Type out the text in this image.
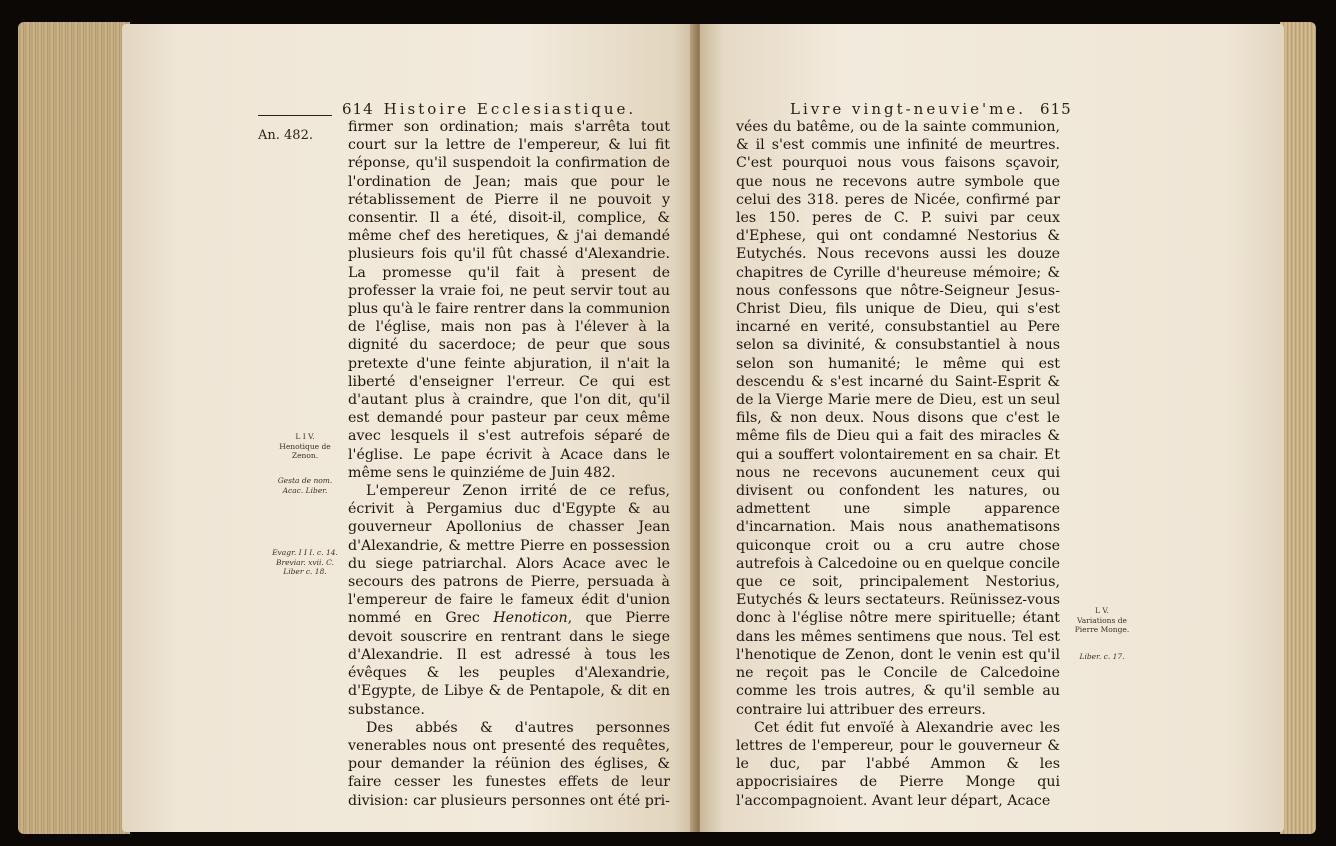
614 Histoire Ecclesiastique.
An. 482.

firmer son ordination; mais s'arrêta tout court sur la lettre de l'empereur, & lui fit réponse, qu'il suspendoit la confirmation de l'ordination de Jean; mais que pour le rétablissement de Pierre il ne pouvoit y consentir. Il a été, disoit-il, complice, & même chef des heretiques, & j'ai demandé plusieurs fois qu'il fût chassé d'Alexandrie. La promesse qu'il fait à present de professer la vraie foi, ne peut servir tout au plus qu'à le faire rentrer dans la communion de l'église, mais non pas à l'élever à la dignité du sacerdoce; de peur que sous pretexte d'une feinte abjuration, il n'ait la liberté d'enseigner l'erreur. Ce qui est d'autant plus à craindre, que l'on dit, qu'il est demandé pour pasteur par ceux même avec lesquels il s'est autrefois séparé de l'église. Le pape écrivit à Acace dans le même sens le quinziéme de Juin 482.

L'empereur Zenon irrité de ce refus, écrivit à Pergamius duc d'Egypte & au gouverneur Apollonius de chasser Jean d'Alexandrie, & mettre Pierre en possession du siege patriarchal. Alors Acace avec le secours des patrons de Pierre, persuada à l'empereur de faire le fameux édit d'union nommé en Grec Henoticon, que Pierre devoit souscrire en rentrant dans le siege d'Alexandrie. Il est adressé à tous les évêques & les peuples d'Alexandrie, d'Egypte, de Libye & de Pentapole, & dit en substance.

Des abbés & d'autres personnes venerables nous ont presenté des requêtes, pour demander la réünion des églises, & faire cesser les funestes effets de leur division: car plusieurs personnes ont été pri-

L I V.
Henotique de
Zenon.
Gesta de nom.
Acac. Liber.
Evagr. I I I. c. 14.
Breviar. xvii. C.
Liber c. 18.
Livre vingt-neuvie'me. 615

vées du batême, ou de la sainte communion, & il s'est commis une infinité de meurtres. C'est pourquoi nous vous faisons sçavoir, que nous ne recevons autre symbole que celui des 318. peres de Nicée, confirmé par les 150. peres de C. P. suivi par ceux d'Ephese, qui ont condamné Nestorius & Eutychés. Nous recevons aussi les douze chapitres de Cyrille d'heureuse mémoire; & nous confessons que nôtre-Seigneur Jesus-Christ Dieu, fils unique de Dieu, qui s'est incarné en verité, consubstantiel au Pere selon sa divinité, & consubstantiel à nous selon son humanité; le même qui est descendu & s'est incarné du Saint-Esprit & de la Vierge Marie mere de Dieu, est un seul fils, & non deux. Nous disons que c'est le même fils de Dieu qui a fait des miracles & qui a souffert volontairement en sa chair. Et nous ne recevons aucunement ceux qui divisent ou confondent les natures, ou admettent une simple apparence d'incarnation. Mais nous anathematisons quiconque croit ou a cru autre chose autrefois à Calcedoine ou en quelque concile que ce soit, principalement Nestorius, Eutychés & leurs sectateurs. Reünissez-vous donc à l'église nôtre mere spirituelle; étant dans les mêmes sentimens que nous. Tel est l'henotique de Zenon, dont le venin est qu'il ne reçoit pas le Concile de Calcedoine comme les trois autres, & qu'il semble au contraire lui attribuer des erreurs.

Cet édit fut envoïé à Alexandrie avec les lettres de l'empereur, pour le gouverneur & le duc, par l'abbé Ammon & les appocrisiaires de Pierre Monge qui l'accompagnoient. Avant leur départ, Acace

L V.
Variations de
Pierre Monge.
Liber. c. 17.
